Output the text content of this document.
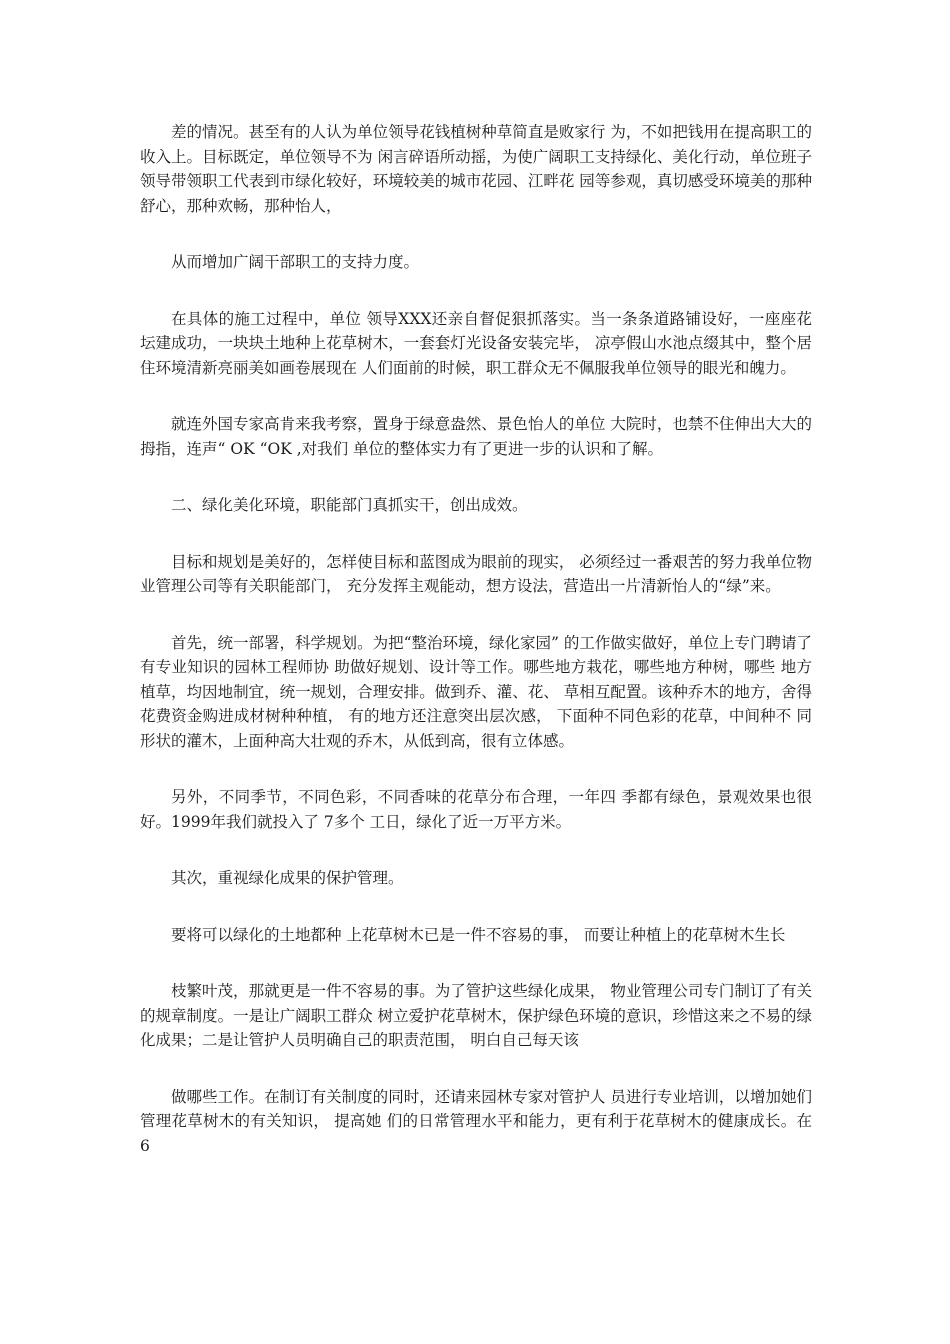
差的情况。甚至有的人认为单位领导花钱植树种草简直是败家行 为，不如把钱用在提高职工的收入上。目标既定，单位领导不为 闲言碎语所动摇，为使广阔职工支持绿化、美化行动，单位班子 领导带领职工代表到市绿化较好，环境较美的城市花园、江畔花 园等参观，真切感受环境美的那种舒心，那种欢畅，那种怡人，

从而增加广阔干部职工的支持力度。

在具体的施工过程中，单位 领导XXX还亲自督促狠抓落实。当一条条道路铺设好，一座座花 坛建成功，一块块土地种上花草树木，一套套灯光设备安装完毕， 凉亭假山水池点缀其中，整个居住环境清新亮丽美如画卷展现在 人们面前的时候，职工群众无不佩服我单位领导的眼光和魄力。

就连外国专家高肯来我考察，置身于绿意盎然、景色怡人的单位 大院时，也禁不住伸出大大的拇指，连声“ OK “OK ,对我们 单位的整体实力有了更进一步的认识和了解。

二、绿化美化环境，职能部门真抓实干，创出成效。

目标和规划是美好的，怎样使目标和蓝图成为眼前的现实， 必须经过一番艰苦的努力我单位物业管理公司等有关职能部门， 充分发挥主观能动，想方设法，营造出一片清新怡人的“绿”来。

首先，统一部署，科学规划。为把“整治环境，绿化家园” 的工作做实做好，单位上专门聘请了有专业知识的园林工程师协 助做好规划、设计等工作。哪些地方栽花，哪些地方种树，哪些 地方植草，均因地制宜，统一规划，合理安排。做到乔、灌、花、 草相互配置。该种乔木的地方，舍得花费资金购进成材树种种植， 有的地方还注意突出层次感， 下面种不同色彩的花草，中间种不 同形状的灌木，上面种高大壮观的乔木，从低到高，很有立体感。

另外，不同季节，不同色彩，不同香味的花草分布合理，一年四 季都有绿色，景观效果也很好。1999年我们就投入了 7多个 工日，绿化了近一万平方米。

其次，重视绿化成果的保护管理。

要将可以绿化的土地都种 上花草树木已是一件不容易的事， 而要让种植上的花草树木生长

枝繁叶茂，那就更是一件不容易的事。为了管护这些绿化成果， 物业管理公司专门制订了有关的规章制度。一是让广阔职工群众 树立爱护花草树木，保护绿色环境的意识，珍惜这来之不易的绿 化成果；二是让管护人员明确自己的职责范围， 明白自己每天该

做哪些工作。在制订有关制度的同时，还请来园林专家对管护人 员进行专业培训，以增加她们管理花草树木的有关知识， 提高她 们的日常管理水平和能力，更有利于花草树木的健康成长。在 6
